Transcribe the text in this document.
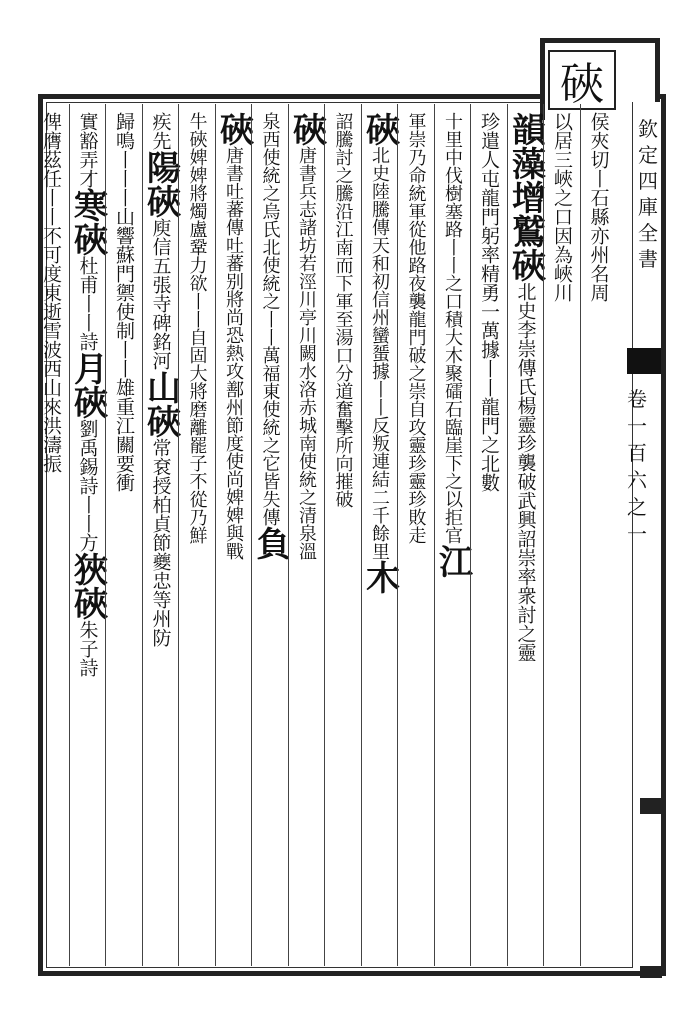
硤
欽定四庫全書
卷一百六之一
侯夾切丨石縣亦州名周
以居三峽之口因為峽川
韻藻增
鷲硤
北史李崇傳氏楊靈珍襲破武興詔崇率衆討之靈
珍遣人屯龍門躬率精勇一萬據丨丨龍門之北數
十里中伐樹塞路丨丨之口積大木聚礌石臨崖下之以拒官
江
軍崇乃命統軍從他路夜襲龍門破之崇自攻靈珍靈珍敗走
硤
北史陸騰傳天和初信州蠻蜑據丨丨反叛連結二千餘里
木
詔騰討之騰沿江南而下軍至湯口分道奮擊所向摧破
硤
唐書兵志諸坊若涇川亭川闕水洛赤城南使統之清泉溫
泉西使統之烏氏北使統之丨丨萬福東使統之它皆失傳
負
硤
唐書吐蕃傳吐蕃别將尚恐熱攻鄯州節度使尚婢婢與戰
牛硤婢婢將燭盧鞏力欲丨丨自固大將磨離罷子不從乃鮮
疾先
陽硤
庾信五張寺碑銘河
山硤
常袞授柏貞節夔忠等州防
歸
鳴丨丨丨山響蘇門
禦使制丨丨雄重江關要衝
實豁弄才
寒硤
杜甫丨丨詩
月硤
劉禹錫詩丨丨方
狹硤
朱子詩
俾膺茲任
丨丨不可度
東逝雪波西山來
洪濤振
